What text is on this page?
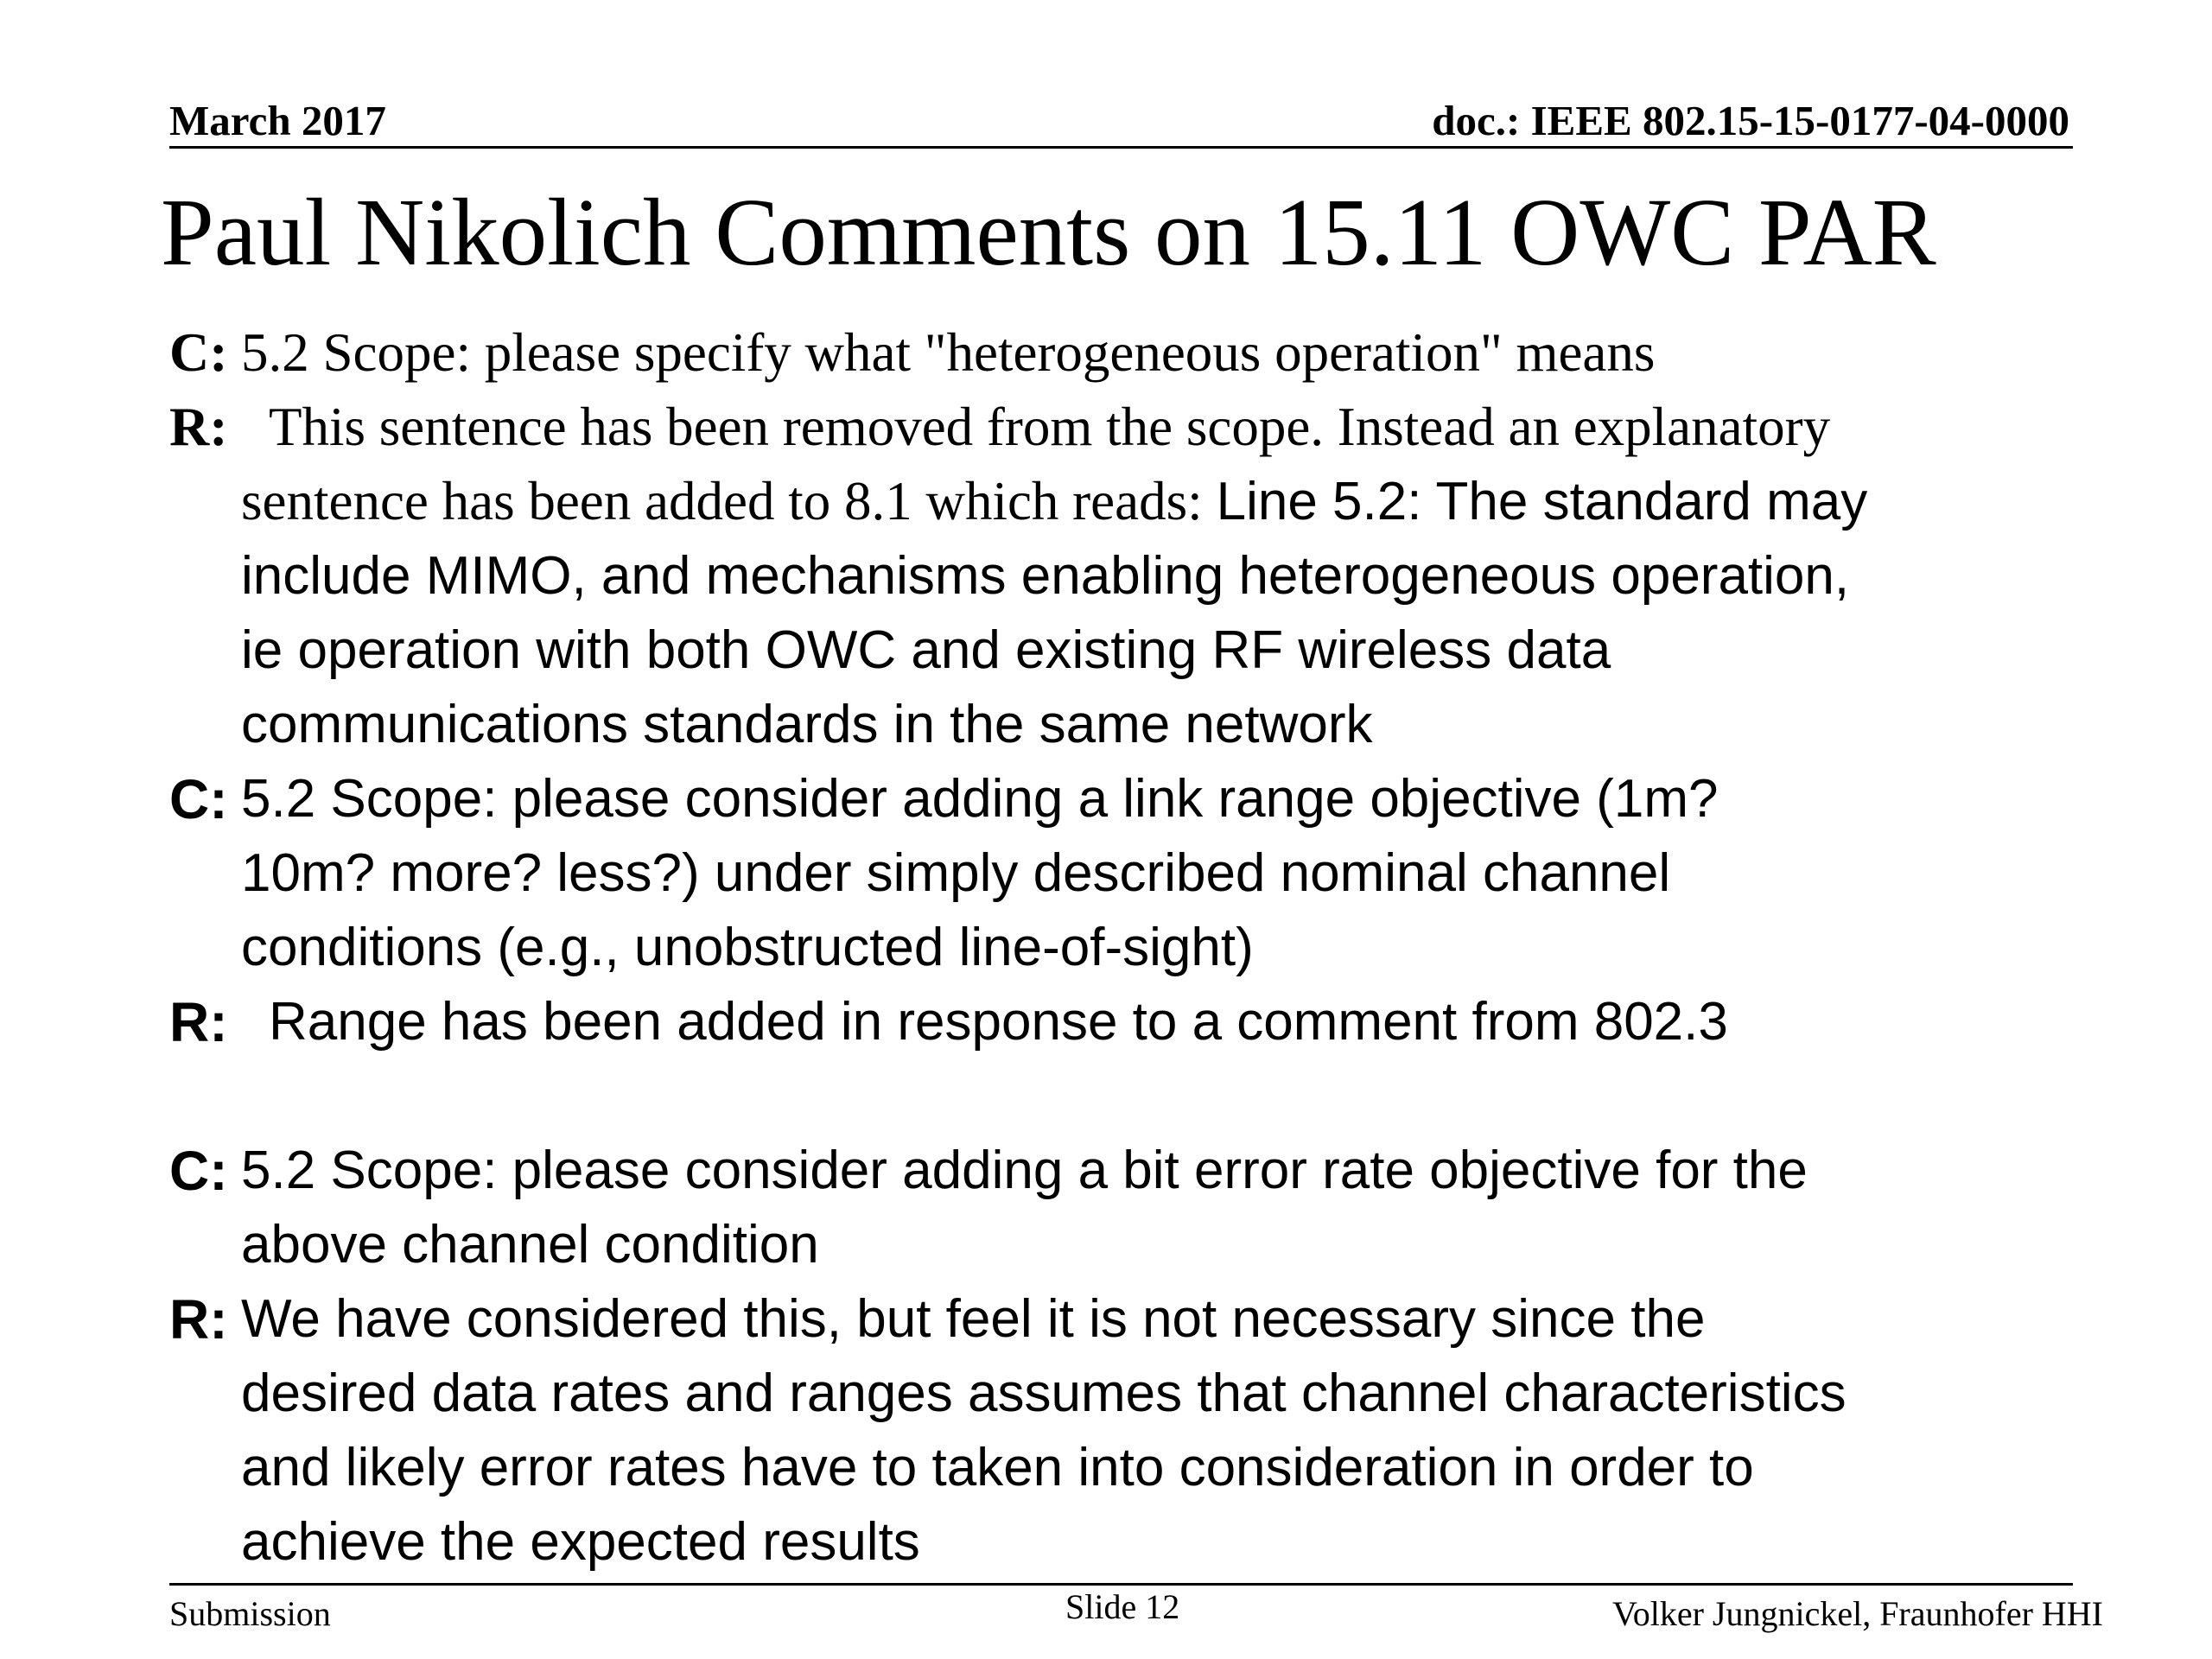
March 2017	doc.: IEEE 802.15-15-0177-04-0000
Paul Nikolich Comments on 15.11 OWC PAR
C: 5.2 Scope: please specify what "heterogeneous operation" means
R: This sentence has been removed from the scope. Instead an explanatory
sentence has been added to 8.1 which reads: Line 5.2: The standard may
include MIMO, and mechanisms enabling heterogeneous operation,
ie operation with both OWC and existing RF wireless data
communications standards in the same network
C: 5.2 Scope: please consider adding a link range objective (1m?
10m? more? less?) under simply described nominal channel
conditions (e.g., unobstructed line-of-sight)
R: Range has been added in response to a comment from 802.3
C: 5.2 Scope: please consider adding a bit error rate objective for the
above channel condition
R: We have considered this, but feel it is not necessary since the
desired data rates and ranges assumes that channel characteristics
and likely error rates have to taken into consideration in order to
achieve the expected results
Submission	Slide 12	Volker Jungnickel, Fraunhofer HHI
